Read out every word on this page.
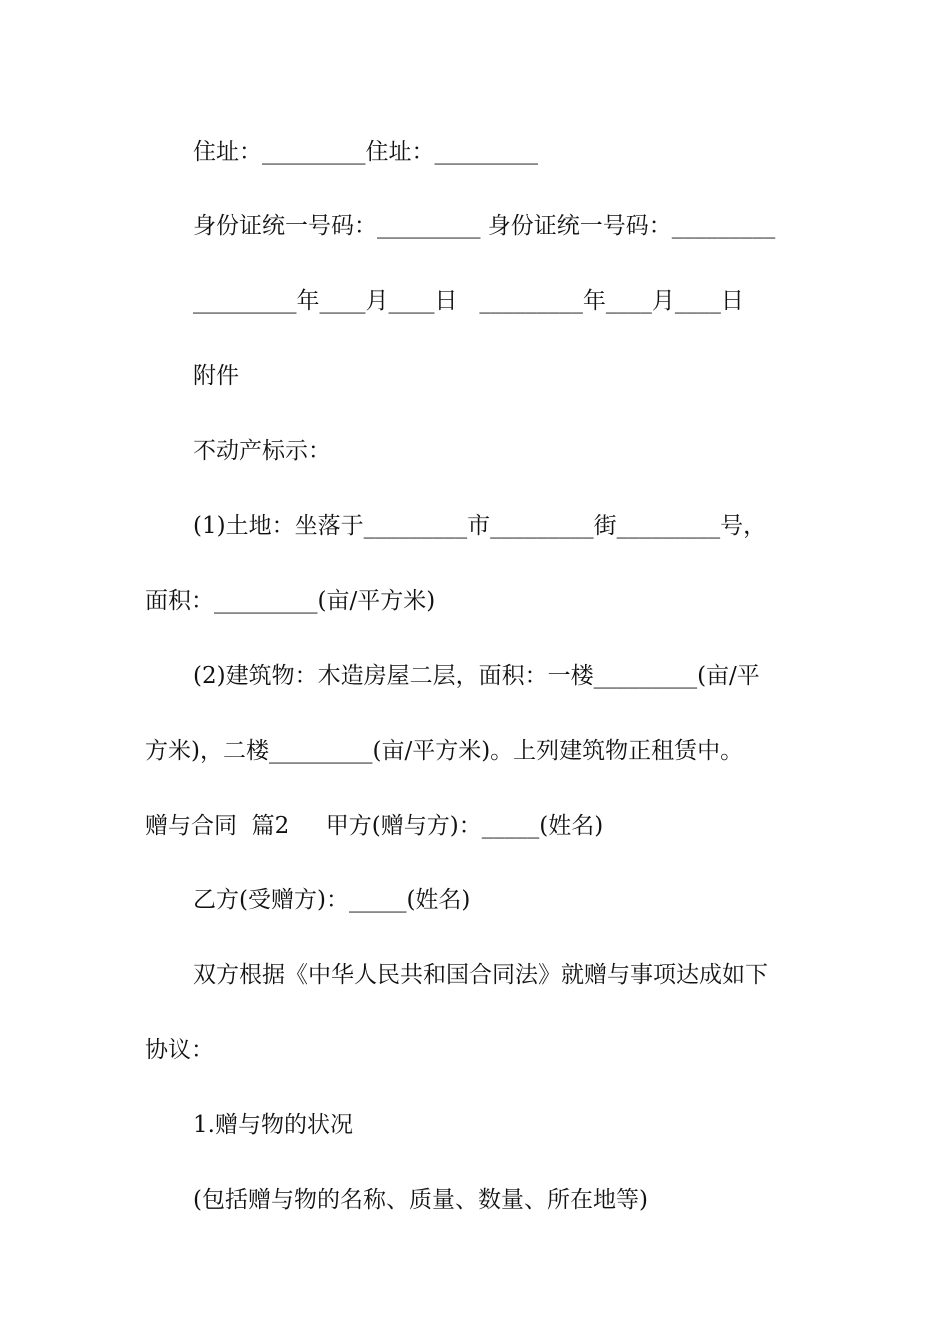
住址：_________住址：_________
身份证统一号码：_________ 身份证统一号码：_________
_________年____月____日   _________年____月____日
附件
不动产标示：
(1)土地：坐落于_________市_________街_________号，
面积：_________(亩/平方米)
(2)建筑物：木造房屋二层，面积：一楼_________(亩/平
方米)，二楼_________(亩/平方米)。上列建筑物正租赁中。
赠与合同  篇2     甲方(赠与方)：_____(姓名)
乙方(受赠方)：_____(姓名)
双方根据《中华人民共和国合同法》就赠与事项达成如下
协议：
1.赠与物的状况
(包括赠与物的名称、质量、数量、所在地等)
